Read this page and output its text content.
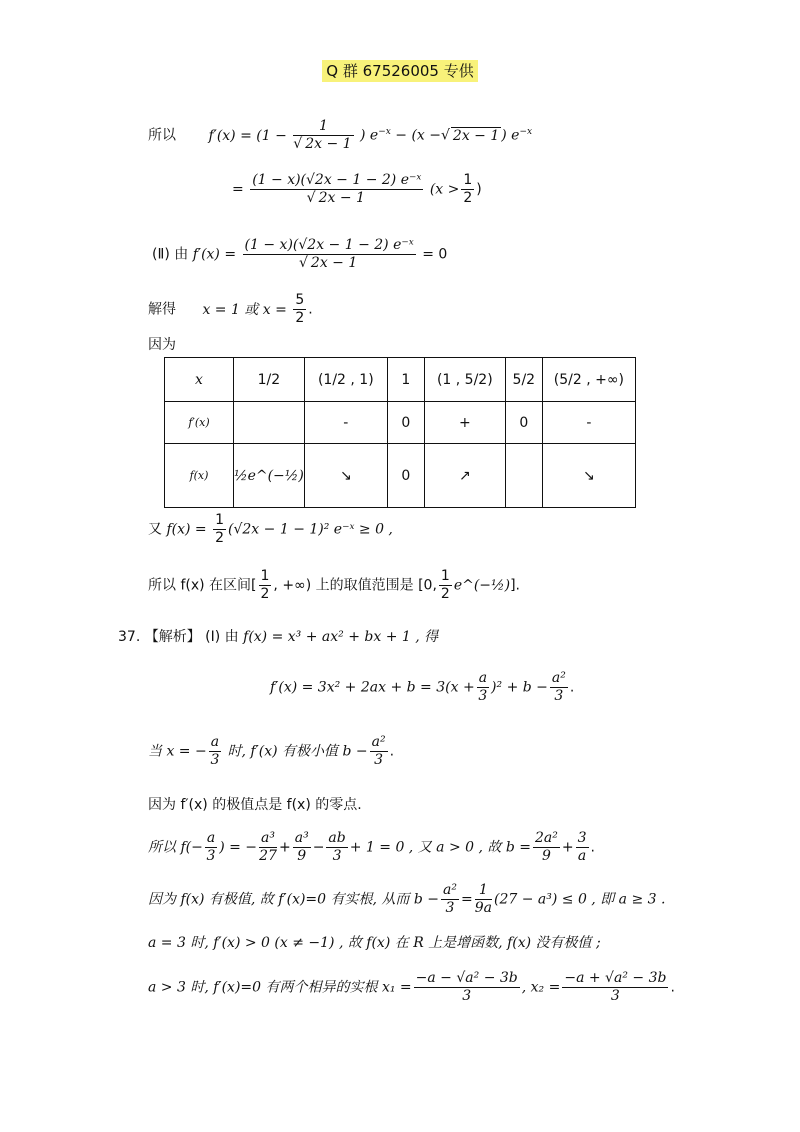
Q 群 67526005 专供
所以 $f'(x) = (1 - \frac{1}{√ 2x - 1}$ ) $e^{-x} - (x$ −√ 2x − 1 ) $e^{-x}$
= $\frac{\text{(1 − x)(√2x − 1 − 2) e⁻ˣ}}{√ 2x - 1} (x > \frac{1}{2}$ )
(Ⅱ) 由 $f'(x) = \frac{\text{(1 − x)(√2x − 1 − 2) e⁻ˣ}}{√ 2x - 1} = 0$
解得 x = 1 或 $x = \frac{5}{2}$ .
因为
x	1/2	(1/2 , 1)	1	(1 , 5/2)	5/2	(5/2 , +∞)
f′(x)		-	0	+	0	-
f(x)	½e^(−½)	↘	0	↗		↘
又 $f(x) = \frac{1}{2} (√2x - 1 - 1)^2$ e⁻ˣ ≥ 0 ,
所以 f(x) 在区间[ $\frac{1}{2}$ , +∞) 上的取值范围是 [0, $\frac{1}{2}$ e^(−½)].
37. 【解析】 (Ⅰ) 由 f(x) = x³ + ax² + bx + 1 , 得
$f'(x) = 3x^2 + 2ax + b = 3(x + \frac{a}{3} )^2 + b - \frac{\text{a²}}{3}$ .
当 x = − $\frac{a}{3}$ 时, f′(x) 有极小值 $b - \frac{\text{a²}}{3}$ .
因为 f′(x) 的极值点是 f(x) 的零点.
所以 $f(- \frac{a}{3}$ ) = − $\frac{\text{a³}}{27} + \frac{\text{a³}}{9} - \frac{ab}{3} + 1 = 0$ , 又 a > 0 , 故 $b = \frac{\text{2a²}}{9} + \frac{3}{a}$ .
因为 f(x) 有极值, 故 f′(x)=0 有实根, 从而 $b - \frac{\text{a²}}{3} = \frac{1}{9a} (27 - a^3) \le 0$ , 即 a ≥ 3 .
a = 3 时, f′(x) > 0 (x ≠ −1) , 故 f(x) 在 R 上是增函数, f(x) 没有极值 ;
a > 3 时, f′(x)=0 有两个相异的实根 $x_1 = \frac{\text{−a − √a² − 3b}}{3}$ , $x_2 = \frac{\text{−a + √a² − 3b}}{3}$ .
